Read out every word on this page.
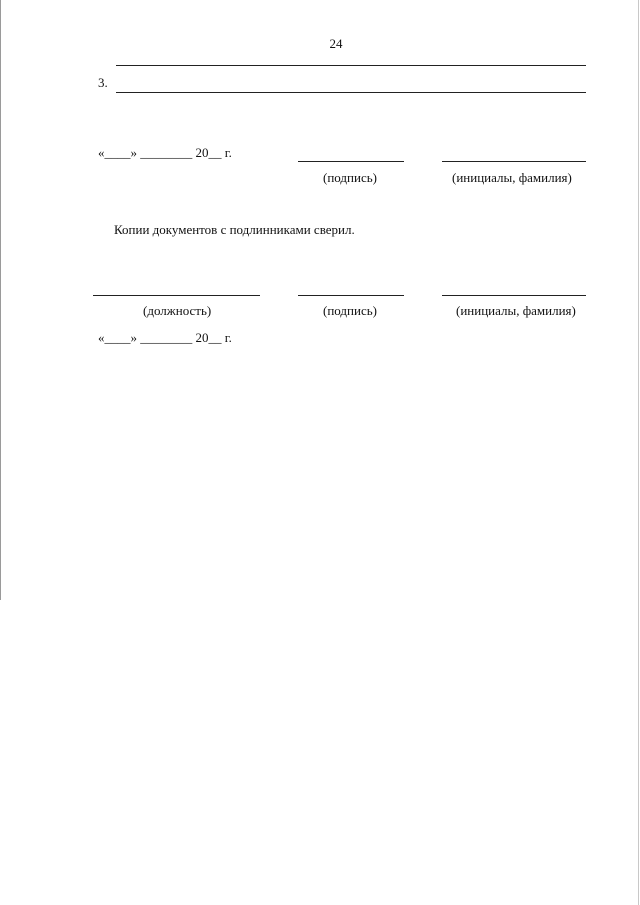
24
3.
«____» ________ 20__ г.
(подпись)	(инициалы, фамилия)
Копии документов с подлинниками сверил.
(должность)	(подпись)	(инициалы, фамилия)
«____» ________ 20__ г.
